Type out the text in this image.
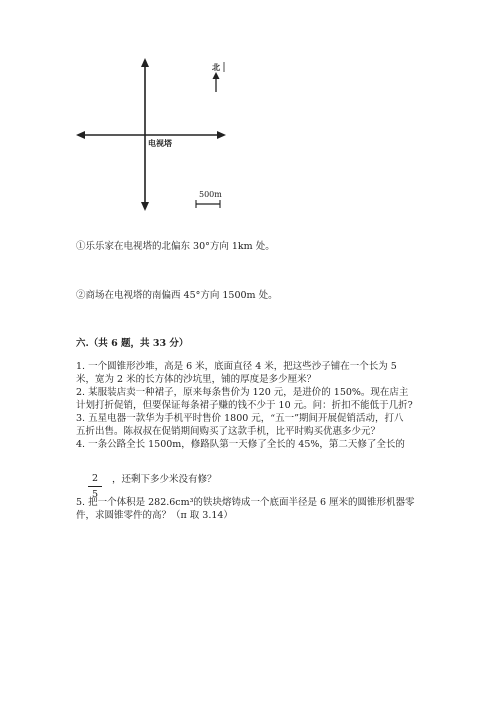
北
电视塔
500m
①乐乐家在电视塔的北偏东 30°方向 1km 处。
②商场在电视塔的南偏西 45°方向 1500m 处。
六.（共 6 题，共 33 分）
1. 一个圆锥形沙堆，高是 6 米，底面直径 4 米，把这些沙子铺在一个长为 5
米，宽为 2 米的长方体的沙坑里，铺的厚度是多少厘米？
2. 某服装店卖一种裙子，原来每条售价为 120 元，是进价的 150%。现在店主
计划打折促销，但要保证每条裙子赚的钱不少于 10 元。问：折扣不能低于几折?
3. 五星电器一款华为手机平时售价 1800 元，“五一”期间开展促销活动，打八
五折出售。陈叔叔在促销期间购买了这款手机，比平时购买优惠多少元？
4. 一条公路全长 1500m，修路队第一天修了全长的 45%，第二天修了全长的
2
5
，还剩下多少米没有修？
5. 把一个体积是 282.6cm³的铁块熔铸成一个底面半径是 6 厘米的圆锥形机器零
件，求圆锥零件的高？（π 取 3.14）
